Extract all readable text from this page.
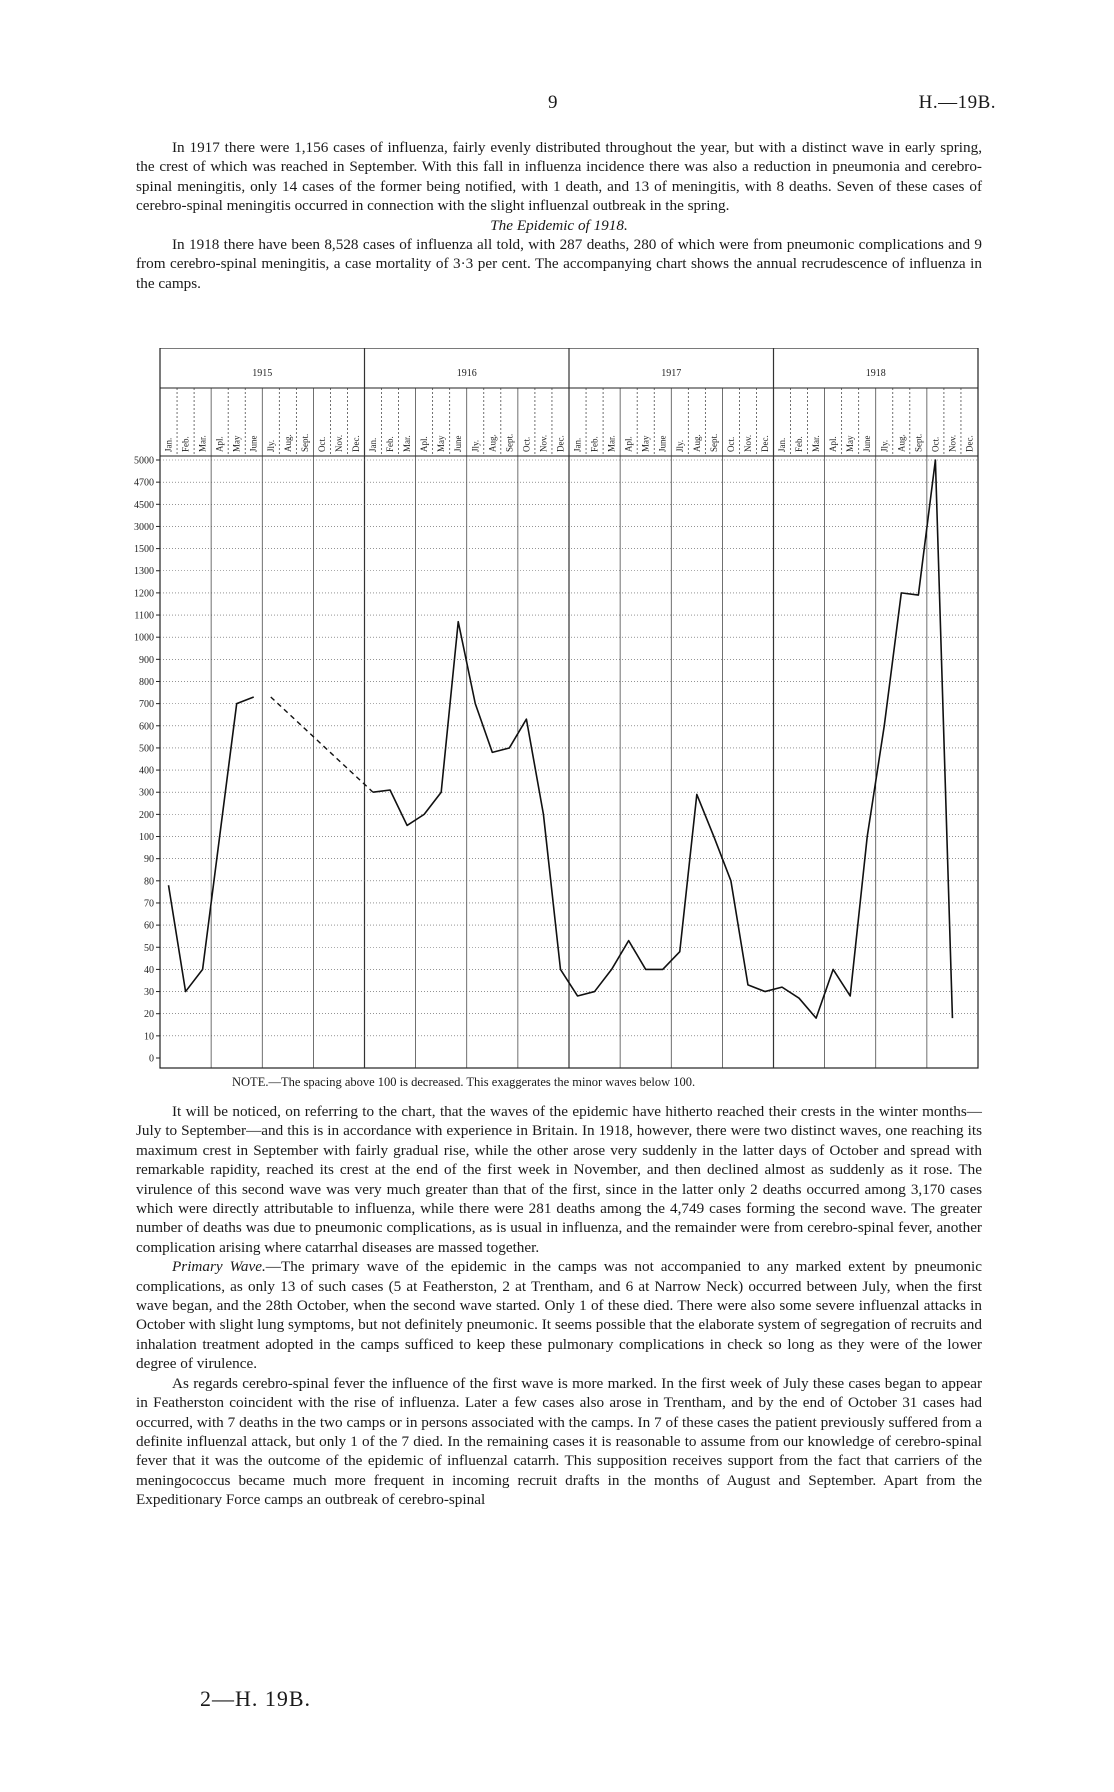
9	H.—19B.

In 1917 there were 1,156 cases of influenza, fairly evenly distributed throughout the year, but with a distinct wave in early spring, the crest of which was reached in September. With this fall in influenza incidence there was also a reduction in pneumonia and cerebro-spinal meningitis, only 14 cases of the former being notified, with 1 death, and 13 of meningitis, with 8 deaths. Seven of these cases of cerebro-spinal meningitis occurred in connection with the slight influenzal outbreak in the spring.

The Epidemic of 1918.

In 1918 there have been 8,528 cases of influenza all told, with 287 deaths, 280 of which were from pneumonic complications and 9 from cerebro-spinal meningitis, a case mortality of 3·3 per cent. The accompanying chart shows the annual recrudescence of influenza in the camps.

1915	1916	1917	1918
Jan. Feb. Mar. Apl. May June Jly. Aug. Sept. Oct. Nov. Dec. Jan. Feb. Mar. Apl. May June Jly. Aug. Sept. Oct. Nov. Dec. Jan. Feb. Mar. Apl. May June Jly. Aug. Sept. Oct. Nov. Dec. Jan. Feb. Mar. Apl. May June Jly. Aug. Sept. Oct. Nov. Dec.
0
10
20
30
40
50
60
70
80
90
100
200
300
400
500
600
700
800
900
1000
1100
1200
1300
1500
3000
4500
4700
5000
NOTE.—The spacing above 100 is decreased. This exaggerates the minor waves below 100.

It will be noticed, on referring to the chart, that the waves of the epidemic have hitherto reached their crests in the winter months—July to September—and this is in accordance with experience in Britain. In 1918, however, there were two distinct waves, one reaching its maximum crest in September with fairly gradual rise, while the other arose very suddenly in the latter days of October and spread with remarkable rapidity, reached its crest at the end of the first week in November, and then declined almost as suddenly as it rose. The virulence of this second wave was very much greater than that of the first, since in the latter only 2 deaths occurred among 3,170 cases which were directly attributable to influenza, while there were 281 deaths among the 4,749 cases forming the second wave. The greater number of deaths was due to pneumonic complications, as is usual in influenza, and the remainder were from cerebro-spinal fever, another complication arising where catarrhal diseases are massed together.

Primary Wave.—The primary wave of the epidemic in the camps was not accompanied to any marked extent by pneumonic complications, as only 13 of such cases (5 at Featherston, 2 at Trentham, and 6 at Narrow Neck) occurred between July, when the first wave began, and the 28th October, when the second wave started. Only 1 of these died. There were also some severe influenzal attacks in October with slight lung symptoms, but not definitely pneumonic. It seems possible that the elaborate system of segregation of recruits and inhalation treatment adopted in the camps sufficed to keep these pulmonary complications in check so long as they were of the lower degree of virulence.

As regards cerebro-spinal fever the influence of the first wave is more marked. In the first week of July these cases began to appear in Featherston coincident with the rise of influenza. Later a few cases also arose in Trentham, and by the end of October 31 cases had occurred, with 7 deaths in the two camps or in persons associated with the camps. In 7 of these cases the patient previously suffered from a definite influenzal attack, but only 1 of the 7 died. In the remaining cases it is reasonable to assume from our knowledge of cerebro-spinal fever that it was the outcome of the epidemic of influenzal catarrh. This supposition receives support from the fact that carriers of the meningococcus became much more frequent in incoming recruit drafts in the months of August and September. Apart from the Expeditionary Force camps an outbreak of cerebro-spinal

2—H. 19B.
